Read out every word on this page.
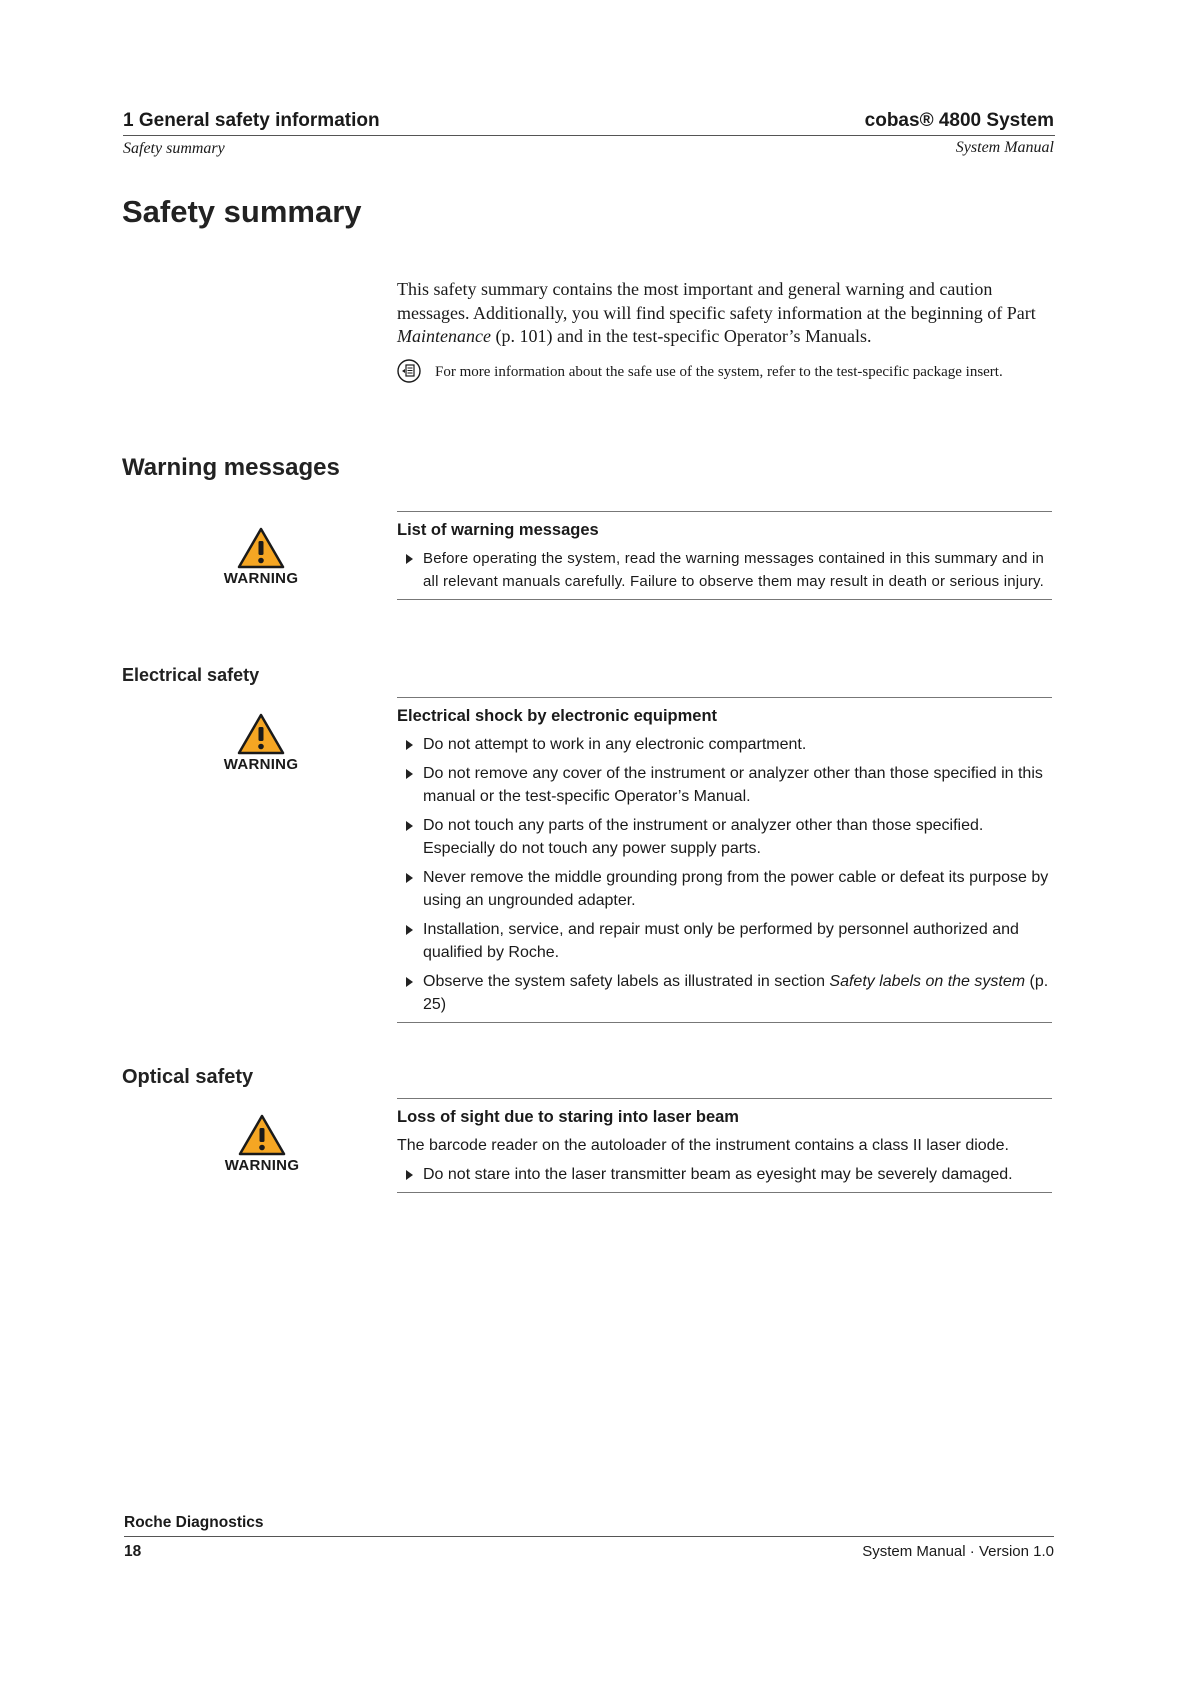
1 General safety information	cobas® 4800 System
Safety summary	System Manual
Safety summary
This safety summary contains the most important and general warning and caution messages. Additionally, you will find specific safety information at the beginning of Part Maintenance (p. 101) and in the test-specific Operator’s Manuals.
For more information about the safe use of the system, refer to the test-specific package insert.
Warning messages
WARNING
List of warning messages
Before operating the system, read the warning messages contained in this summary and in all relevant manuals carefully. Failure to observe them may result in death or serious injury.
Electrical safety
WARNING
Electrical shock by electronic equipment
Do not attempt to work in any electronic compartment.
Do not remove any cover of the instrument or analyzer other than those specified in this manual or the test-specific Operator’s Manual.
Do not touch any parts of the instrument or analyzer other than those specified. Especially do not touch any power supply parts.
Never remove the middle grounding prong from the power cable or defeat its purpose by using an ungrounded adapter.
Installation, service, and repair must only be performed by personnel authorized and qualified by Roche.
Observe the system safety labels as illustrated in section Safety labels on the system (p. 25)
Optical safety
WARNING
Loss of sight due to staring into laser beam
The barcode reader on the autoloader of the instrument contains a class II laser diode.
Do not stare into the laser transmitter beam as eyesight may be severely damaged.
Roche Diagnostics
18	System Manual · Version 1.0
